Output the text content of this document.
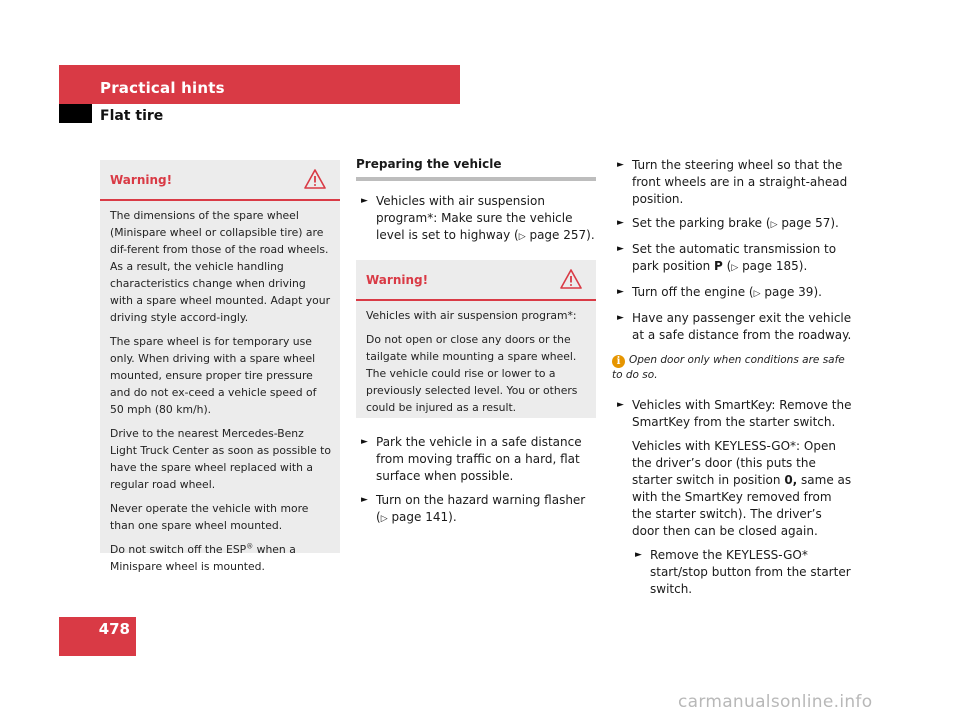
Practical hints
Flat tire
Warning!

The dimensions of the spare wheel (Minispare wheel or collapsible tire) are dif-ferent from those of the road wheels. As a result, the vehicle handling characteristics change when driving with a spare wheel mounted. Adapt your driving style accord-ingly.

The spare wheel is for temporary use only. When driving with a spare wheel mounted, ensure proper tire pressure and do not ex-ceed a vehicle speed of 50 mph (80 km/h).

Drive to the nearest Mercedes-Benz Light Truck Center as soon as possible to have the spare wheel replaced with a regular road wheel.

Never operate the vehicle with more than one spare wheel mounted.

Do not switch off the ESP® when a Minispare wheel is mounted.

Preparing the vehicle

► Vehicles with air suspension program*: Make sure the vehicle level is set to highway (▷ page 257).

Warning!

Vehicles with air suspension program*:

Do not open or close any doors or the tailgate while mounting a spare wheel. The vehicle could rise or lower to a previously selected level. You or others could be injured as a result.

► Park the vehicle in a safe distance from moving traffic on a hard, flat surface when possible.

► Turn on the hazard warning flasher (▷ page 141).

► Turn the steering wheel so that the front wheels are in a straight-ahead position.

► Set the parking brake (▷ page 57).

► Set the automatic transmission to park position P (▷ page 185).

► Turn off the engine (▷ page 39).

► Have any passenger exit the vehicle at a safe distance from the roadway.

i Open door only when conditions are safe to do so.

► Vehicles with SmartKey: Remove the SmartKey from the starter switch.

Vehicles with KEYLESS-GO*: Open the driver’s door (this puts the starter switch in position 0, same as with the SmartKey removed from the starter switch). The driver’s door then can be closed again.

► Remove the KEYLESS-GO* start/stop button from the starter switch.

478
carmanualsonline.info
